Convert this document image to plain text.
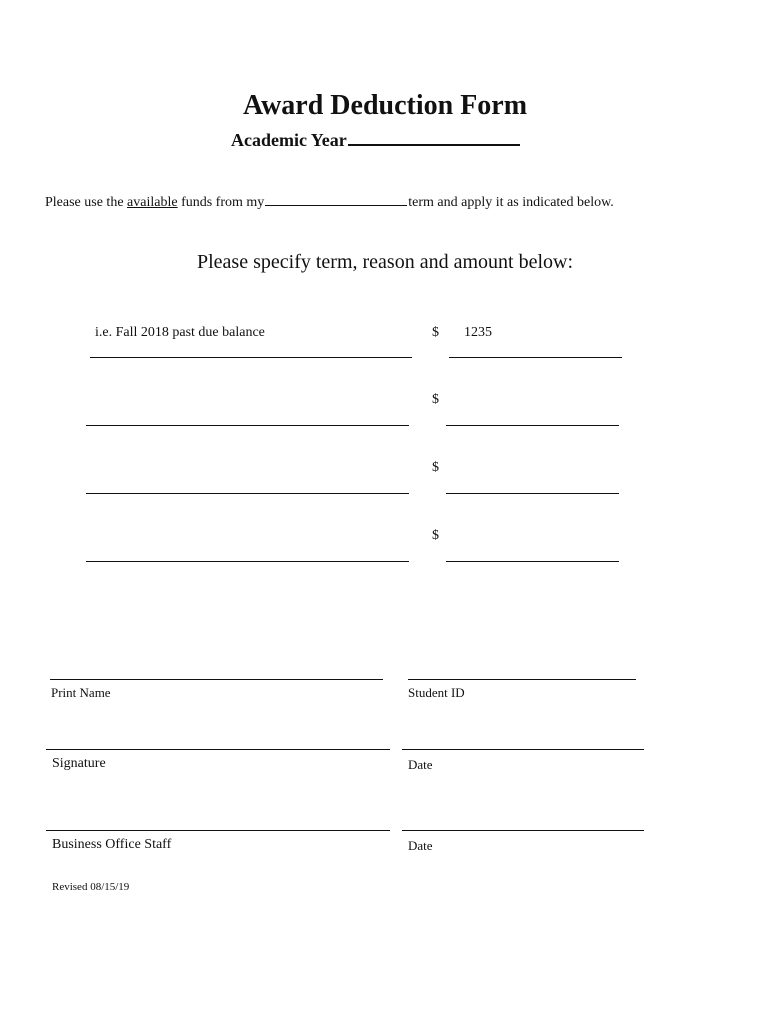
Award Deduction Form
Academic Year
Please use the available funds from my	term and apply it as indicated below.
Please specify term, reason and amount below:
i.e. Fall 2018 past due balance	$ 1235
$
$
$
Print Name	Student ID
Signature	Date
Business Office Staff	Date
Revised 08/15/19
